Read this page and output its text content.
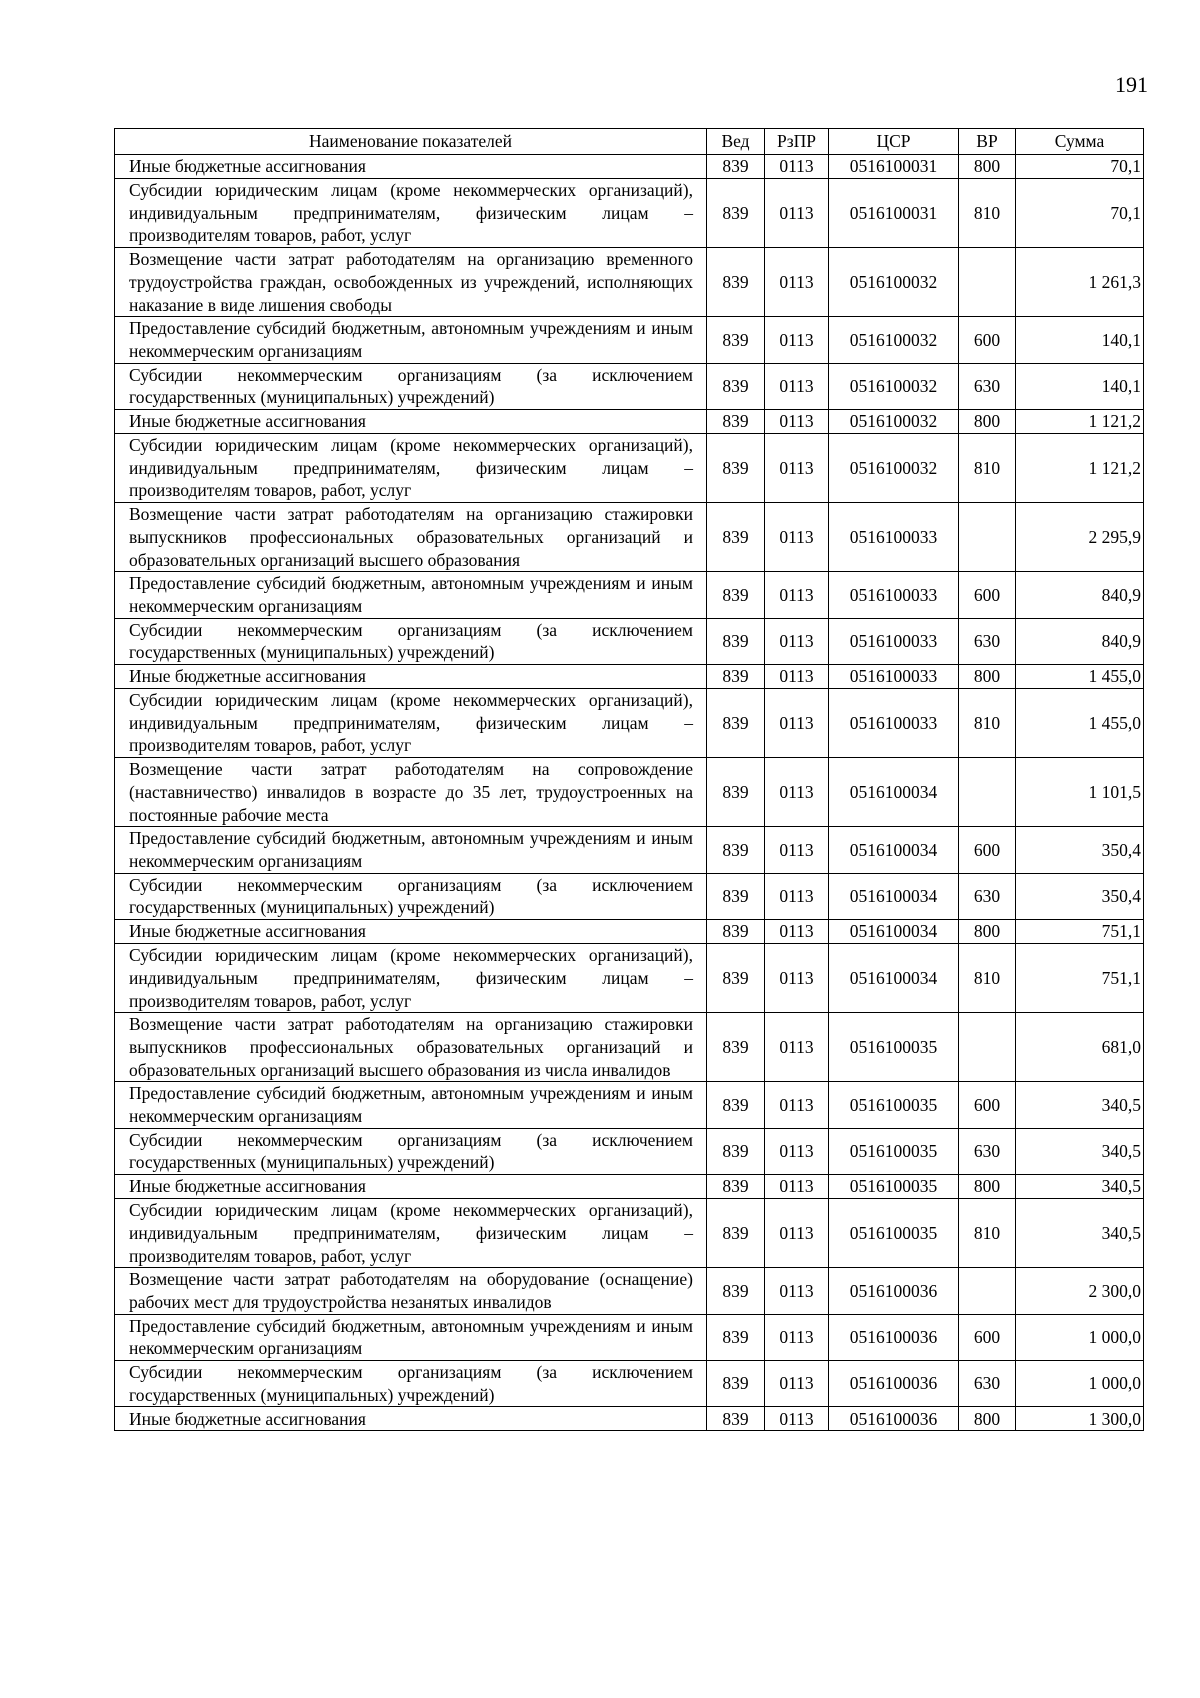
191
Наименование показателей	Вед	РзПР	ЦСР	ВР	Сумма
Иные бюджетные ассигнования	839	0113	0516100031	800	70,1
Субсидии юридическим лицам (кроме некоммерческих организаций), индивидуальным предпринимателям, физическим лицам – производителям товаров, работ, услуг	839	0113	0516100031	810	70,1
Возмещение части затрат работодателям на организацию временного трудоустройства граждан, освобожденных из учреждений, исполняющих наказание в виде лишения свободы	839	0113	0516100032		1 261,3
Предоставление субсидий бюджетным, автономным учреждениям и иным некоммерческим организациям	839	0113	0516100032	600	140,1
Субсидии некоммерческим организациям (за исключением государственных (муниципальных) учреждений)	839	0113	0516100032	630	140,1
Иные бюджетные ассигнования	839	0113	0516100032	800	1 121,2
Субсидии юридическим лицам (кроме некоммерческих организаций), индивидуальным предпринимателям, физическим лицам – производителям товаров, работ, услуг	839	0113	0516100032	810	1 121,2
Возмещение части затрат работодателям на организацию стажировки выпускников профессиональных образовательных организаций и образовательных организаций высшего образования	839	0113	0516100033		2 295,9
Предоставление субсидий бюджетным, автономным учреждениям и иным некоммерческим организациям	839	0113	0516100033	600	840,9
Субсидии некоммерческим организациям (за исключением государственных (муниципальных) учреждений)	839	0113	0516100033	630	840,9
Иные бюджетные ассигнования	839	0113	0516100033	800	1 455,0
Субсидии юридическим лицам (кроме некоммерческих организаций), индивидуальным предпринимателям, физическим лицам – производителям товаров, работ, услуг	839	0113	0516100033	810	1 455,0
Возмещение части затрат работодателям на сопровождение (наставничество) инвалидов в возрасте до 35 лет, трудоустроенных на постоянные рабочие места	839	0113	0516100034		1 101,5
Предоставление субсидий бюджетным, автономным учреждениям и иным некоммерческим организациям	839	0113	0516100034	600	350,4
Субсидии некоммерческим организациям (за исключением государственных (муниципальных) учреждений)	839	0113	0516100034	630	350,4
Иные бюджетные ассигнования	839	0113	0516100034	800	751,1
Субсидии юридическим лицам (кроме некоммерческих организаций), индивидуальным предпринимателям, физическим лицам – производителям товаров, работ, услуг	839	0113	0516100034	810	751,1
Возмещение части затрат работодателям на организацию стажировки выпускников профессиональных образовательных организаций и образовательных организаций высшего образования из числа инвалидов	839	0113	0516100035		681,0
Предоставление субсидий бюджетным, автономным учреждениям и иным некоммерческим организациям	839	0113	0516100035	600	340,5
Субсидии некоммерческим организациям (за исключением государственных (муниципальных) учреждений)	839	0113	0516100035	630	340,5
Иные бюджетные ассигнования	839	0113	0516100035	800	340,5
Субсидии юридическим лицам (кроме некоммерческих организаций), индивидуальным предпринимателям, физическим лицам – производителям товаров, работ, услуг	839	0113	0516100035	810	340,5
Возмещение части затрат работодателям на оборудование (оснащение) рабочих мест для трудоустройства незанятых инвалидов	839	0113	0516100036		2 300,0
Предоставление субсидий бюджетным, автономным учреждениям и иным некоммерческим организациям	839	0113	0516100036	600	1 000,0
Субсидии некоммерческим организациям (за исключением государственных (муниципальных) учреждений)	839	0113	0516100036	630	1 000,0
Иные бюджетные ассигнования	839	0113	0516100036	800	1 300,0
